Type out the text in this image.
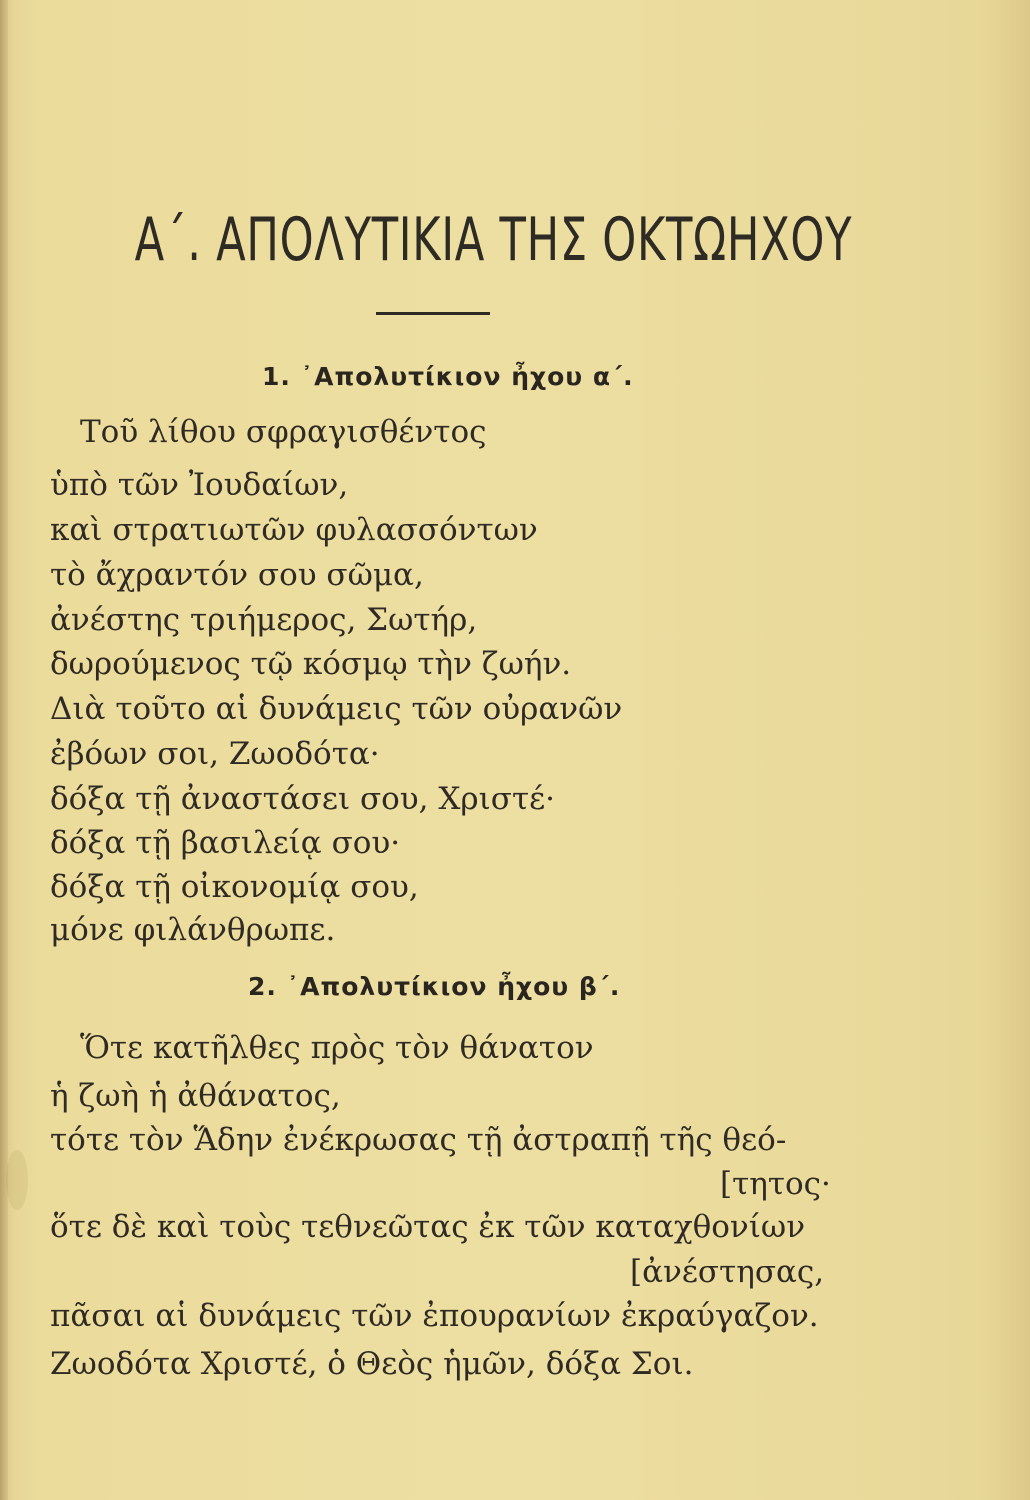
Α΄. ΑΠΟΛΥΤΙΚΙΑ ΤΗΣ ΟΚΤΩΗΧΟΥ
1. ᾿Απολυτίκιον ἦχου α΄.
Τοῦ λίθου σφραγισθέντος
ὑπὸ τῶν Ἰουδαίων,
καὶ στρατιωτῶν φυλασσόντων
τὸ ἄχραντόν σου σῶμα,
ἀνέστης τριήμερος, Σωτήρ,
δωρούμενος τῷ κόσμῳ τὴν ζωήν.
Διὰ τοῦτο αἱ δυνάμεις τῶν οὐρανῶν
ἐβόων σοι, Ζωοδότα·
δόξα τῇ ἀναστάσει σου, Χριστέ·
δόξα τῇ βασιλείᾳ σου·
δόξα τῇ οἰκονομίᾳ σου,
μόνε φιλάνθρωπε.
2. ᾿Απολυτίκιον ἦχου β΄.
Ὅτε κατῆλθες πρὸς τὸν θάνατον
ἡ ζωὴ ἡ ἀθάνατος,
τότε τὸν Ἅδην ἐνέκρωσας τῇ ἀστραπῇ τῆς θεό-
[τητος·
ὅτε δὲ καὶ τοὺς τεθνεῶτας ἐκ τῶν καταχθονίων
[ἀνέστησας,
πᾶσαι αἱ δυνάμεις τῶν ἐπουρανίων ἐκραύγαζον.
Ζωοδότα Χριστέ, ὁ Θεὸς ἡμῶν, δόξα Σοι.
